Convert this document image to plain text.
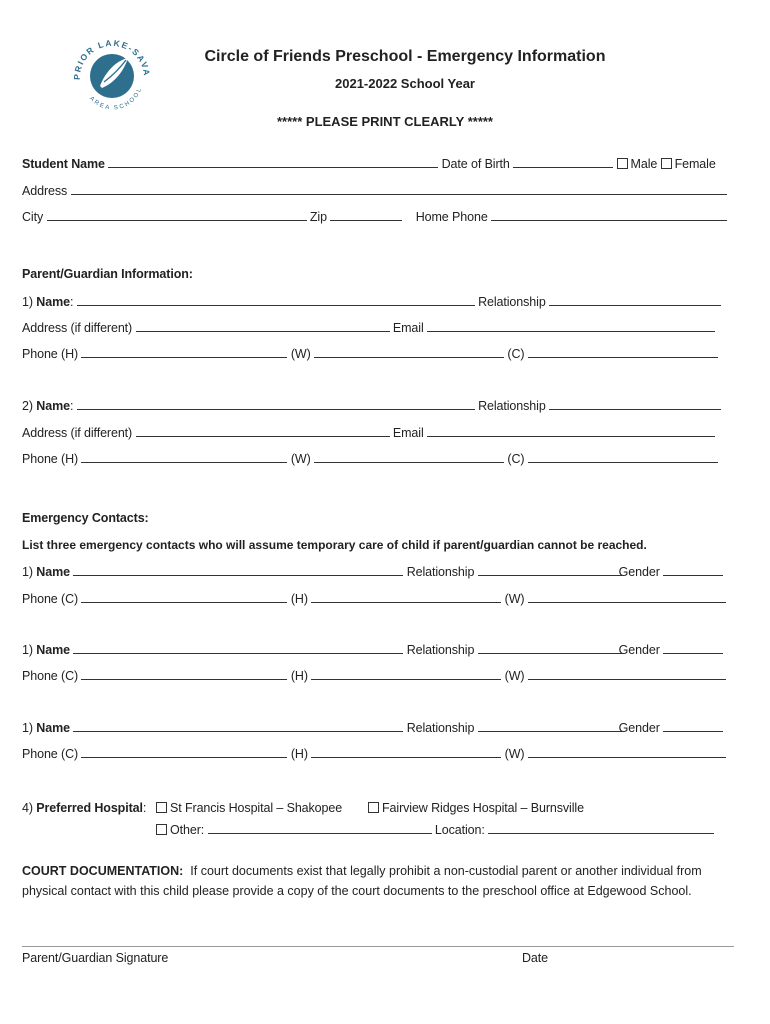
PRIOR LAKE-SAVA
AREA SCHOOL
Circle of Friends Preschool - Emergency Information
2021-2022 School Year
***** PLEASE PRINT CLEARLY *****
Student Name	Date of Birth	Male Female
Address
City	Zip	Home Phone
Parent/Guardian Information:
1) Name:	Relationship
Address (if different)	Email
Phone (H)	(W)	(C)
2) Name:	Relationship
Address (if different)	Email
Phone (H)	(W)	(C)
Emergency Contacts:
List three emergency contacts who will assume temporary care of child if parent/guardian cannot be reached.
1) Name	Relationship	Gender
Phone (C)	(H)	(W)
1) Name	Relationship	Gender
Phone (C)	(H)	(W)
1) Name	Relationship	Gender
Phone (C)	(H)	(W)
4) Preferred Hospital:	St Francis Hospital – Shakopee	Fairview Ridges Hospital – Burnsville
Other:	Location:
COURT DOCUMENTATION: If court documents exist that legally prohibit a non-custodial parent or another individual from physical contact with this child please provide a copy of the court documents to the preschool office at Edgewood School.
Parent/Guardian Signature	Date
